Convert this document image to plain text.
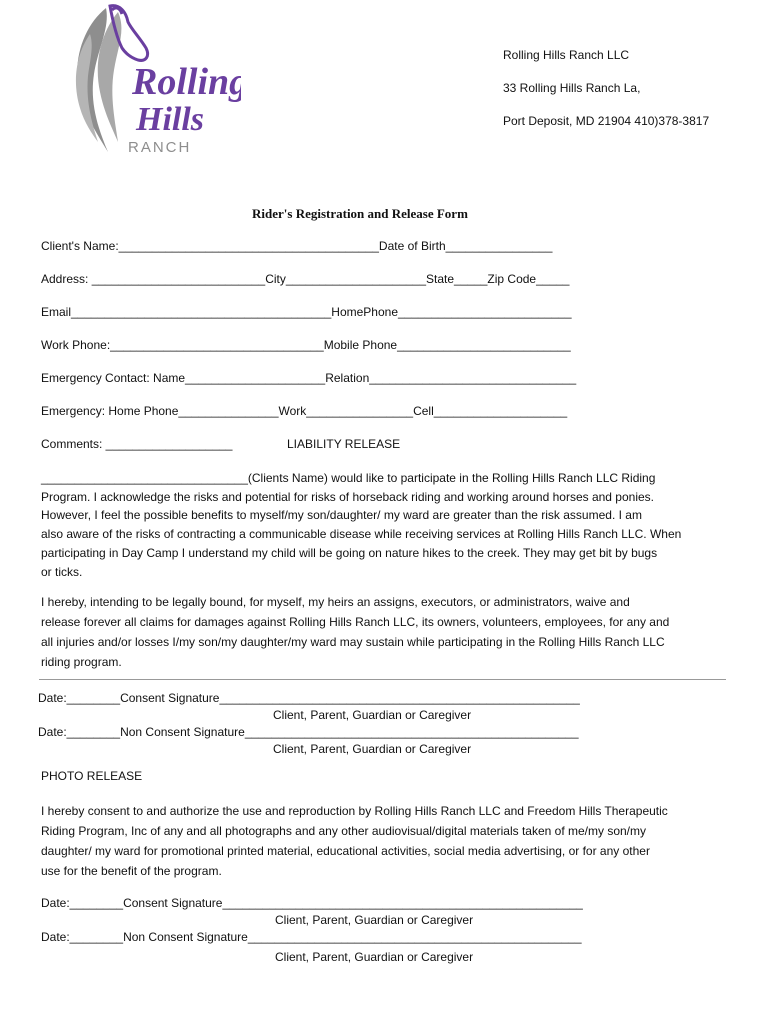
Rolling
Hills
RANCH
Rolling Hills Ranch LLC
33 Rolling Hills Ranch La,
Port Deposit, MD 21904 410)378-3817
Rider's Registration and Release Form
Client's Name:_______________________________________Date of Birth________________
Address: __________________________City_____________________State_____Zip Code_____
Email_______________________________________HomePhone__________________________
Work Phone:________________________________Mobile Phone__________________________
Emergency Contact: Name_____________________Relation_______________________________
Emergency: Home Phone_______________Work________________Cell____________________
Comments: ___________________	LIABILITY RELEASE

_______________________________(Clients Name) would like to participate in the Rolling Hills Ranch LLC Riding

Program. I acknowledge the risks and potential for risks of horseback riding and working around horses and ponies.

However, I feel the possible benefits to myself/my son/daughter/ my ward are greater than the risk assumed. I am

also aware of the risks of contracting a communicable disease while receiving services at Rolling Hills Ranch LLC. When

participating in Day Camp I understand my child will be going on nature hikes to the creek. They may get bit by bugs

or ticks.

I hereby, intending to be legally bound, for myself, my heirs an assigns, executors, or administrators, waive and

release forever all claims for damages against Rolling Hills Ranch LLC, its owners, volunteers, employees, for any and

all injuries and/or losses I/my son/my daughter/my ward may sustain while participating in the Rolling Hills Ranch LLC

riding program.

Date:________Consent Signature______________________________________________________
Client, Parent, Guardian or Caregiver
Date:________Non Consent Signature__________________________________________________
Client, Parent, Guardian or Caregiver
PHOTO RELEASE

I hereby consent to and authorize the use and reproduction by Rolling Hills Ranch LLC and Freedom Hills Therapeutic

Riding Program, Inc of any and all photographs and any other audiovisual/digital materials taken of me/my son/my

daughter/ my ward for promotional printed material, educational activities, social media advertising, or for any other

use for the benefit of the program.

Date:________Consent Signature______________________________________________________
Client, Parent, Guardian or Caregiver
Date:________Non Consent Signature__________________________________________________
Client, Parent, Guardian or Caregiver
